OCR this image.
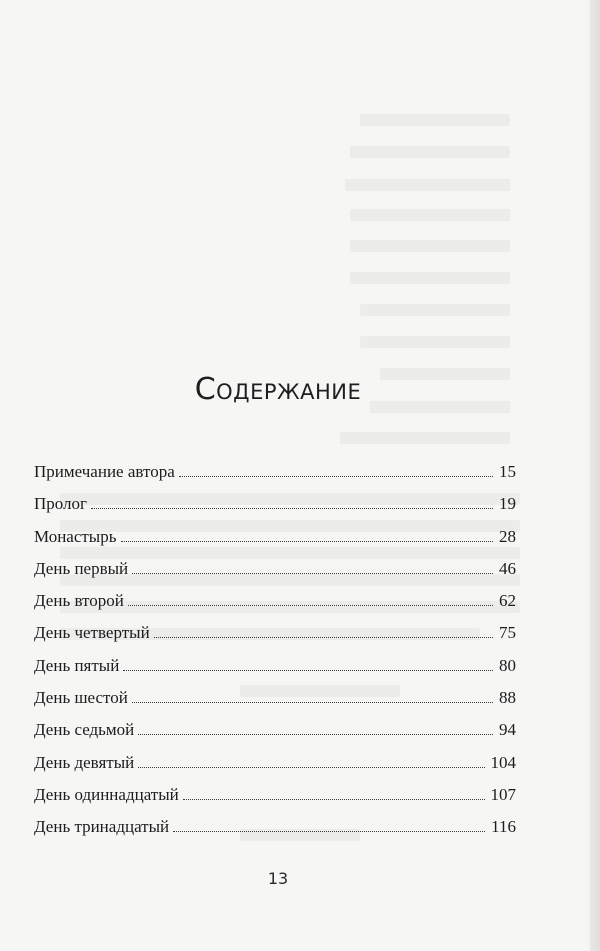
Содержание
Примечание автора	15
Пролог	19
Монастырь	28
День первый	46
День второй	62
День четвертый	75
День пятый	80
День шестой	88
День седьмой	94
День девятый	104
День одиннадцатый	107
День тринадцатый	116
13
